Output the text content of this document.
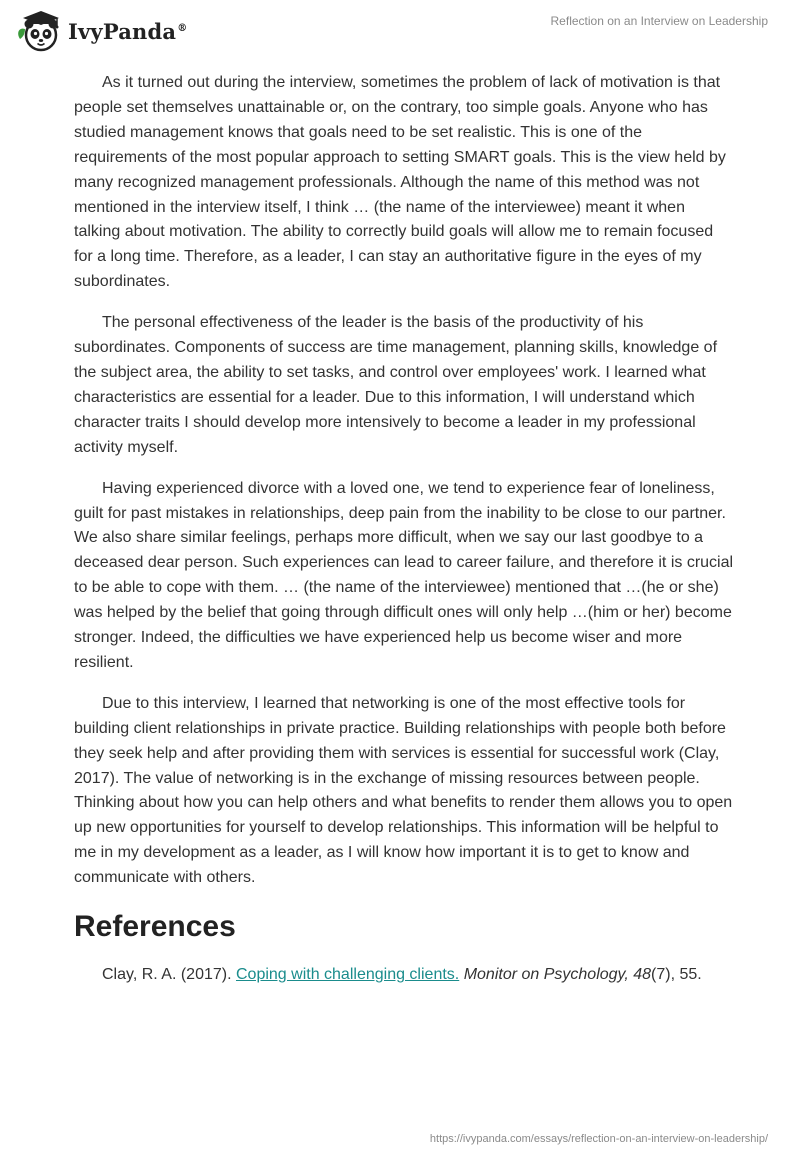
IvyPanda®	Reflection on an Interview on Leadership

As it turned out during the interview, sometimes the problem of lack of motivation is that people set themselves unattainable or, on the contrary, too simple goals. Anyone who has studied management knows that goals need to be set realistic. This is one of the requirements of the most popular approach to setting SMART goals. This is the view held by many recognized management professionals. Although the name of this method was not mentioned in the interview itself, I think … (the name of the interviewee) meant it when talking about motivation. The ability to correctly build goals will allow me to remain focused for a long time. Therefore, as a leader, I can stay an authoritative figure in the eyes of my subordinates.

The personal effectiveness of the leader is the basis of the productivity of his subordinates. Components of success are time management, planning skills, knowledge of the subject area, the ability to set tasks, and control over employees' work. I learned what characteristics are essential for a leader. Due to this information, I will understand which character traits I should develop more intensively to become a leader in my professional activity myself.

Having experienced divorce with a loved one, we tend to experience fear of loneliness, guilt for past mistakes in relationships, deep pain from the inability to be close to our partner. We also share similar feelings, perhaps more difficult, when we say our last goodbye to a deceased dear person. Such experiences can lead to career failure, and therefore it is crucial to be able to cope with them. … (the name of the interviewee) mentioned that …(he or she) was helped by the belief that going through difficult ones will only help …(him or her) become stronger. Indeed, the difficulties we have experienced help us become wiser and more resilient.

Due to this interview, I learned that networking is one of the most effective tools for building client relationships in private practice. Building relationships with people both before they seek help and after providing them with services is essential for successful work (Clay, 2017). The value of networking is in the exchange of missing resources between people. Thinking about how you can help others and what benefits to render them allows you to open up new opportunities for yourself to develop relationships. This information will be helpful to me in my development as a leader, as I will know how important it is to get to know and communicate with others.

References

Clay, R. A. (2017). Coping with challenging clients. Monitor on Psychology, 48(7), 55.

https://ivypanda.com/essays/reflection-on-an-interview-on-leadership/
